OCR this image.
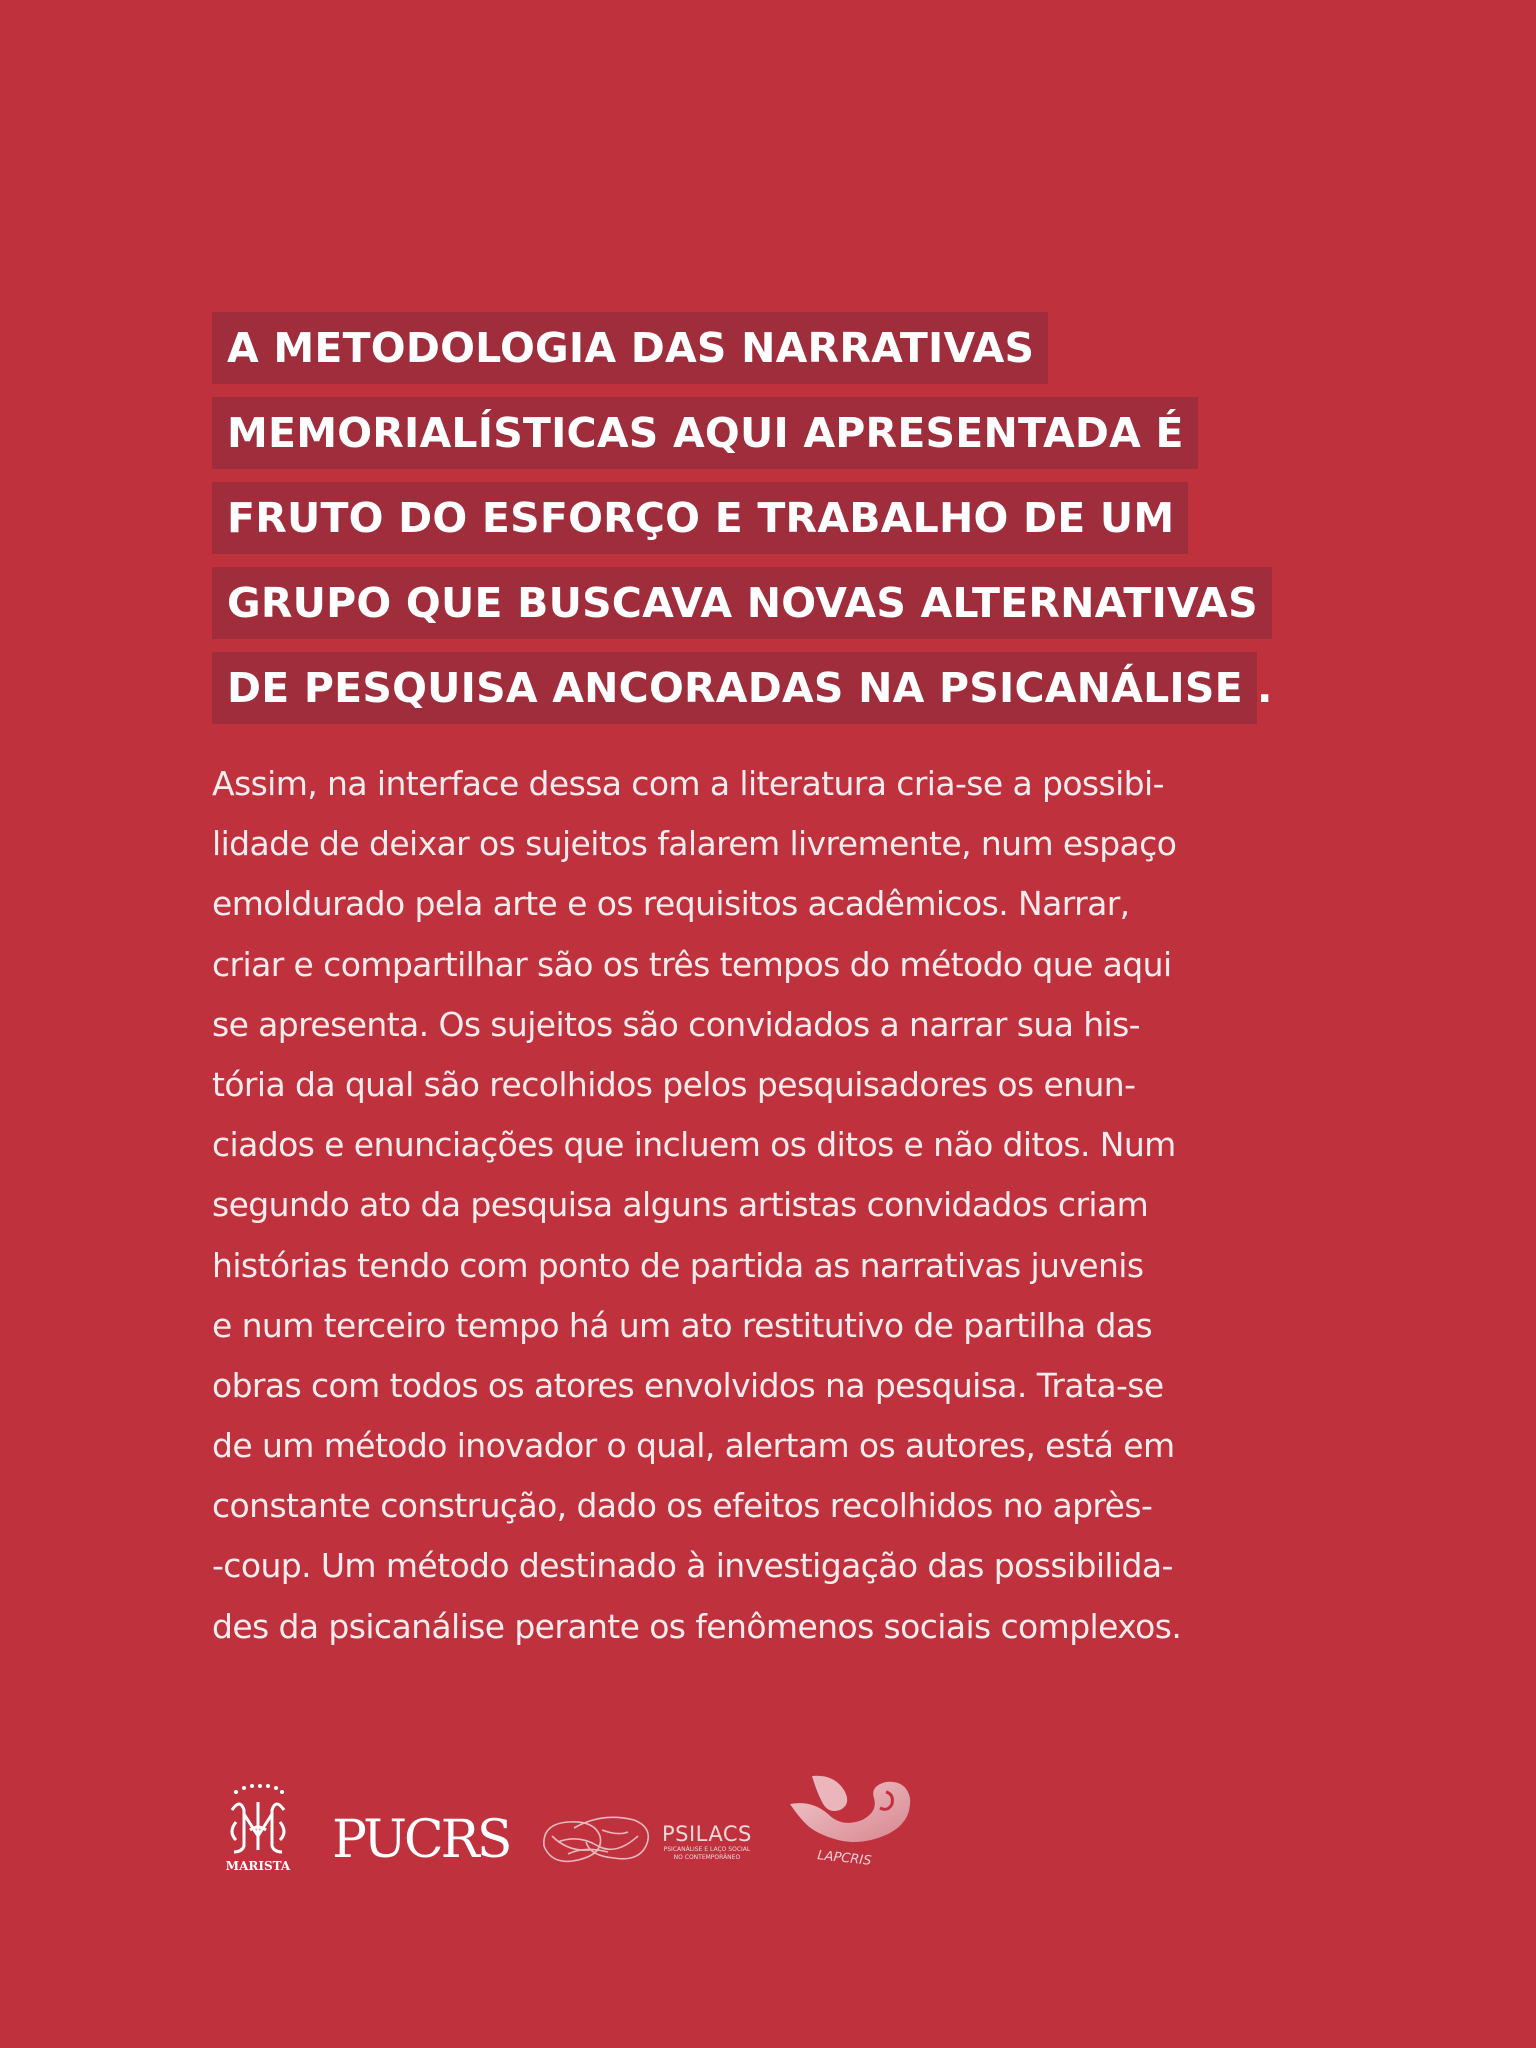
A METODOLOGIA DAS NARRATIVAS
MEMORIALÍSTICAS AQUI APRESENTADA É
FRUTO DO ESFORÇO E TRABALHO DE UM
GRUPO QUE BUSCAVA NOVAS ALTERNATIVAS
DE PESQUISA ANCORADAS NA PSICANÁLISE .
Assim, na interface dessa com a literatura cria-se a possibi-
lidade de deixar os sujeitos falarem livremente, num espaço
emoldurado pela arte e os requisitos acadêmicos. Narrar,
criar e compartilhar são os três tempos do método que aqui
se apresenta. Os sujeitos são convidados a narrar sua his-
tória da qual são recolhidos pelos pesquisadores os enun-
ciados e enunciações que incluem os ditos e não ditos. Num
segundo ato da pesquisa alguns artistas convidados criam
histórias tendo com ponto de partida as narrativas juvenis
e num terceiro tempo há um ato restitutivo de partilha das
obras com todos os atores envolvidos na pesquisa. Trata-se
de um método inovador o qual, alertam os autores, está em
constante construção, dado os efeitos recolhidos no après-
-coup. Um método destinado à investigação das possibilida-
des da psicanálise perante os fenômenos sociais complexos.
MARISTA PUCRS	PSILACS
PSICANÁLISE E LAÇO SOCIAL
NO CONTEMPORÂNEO	LAPCRIS
